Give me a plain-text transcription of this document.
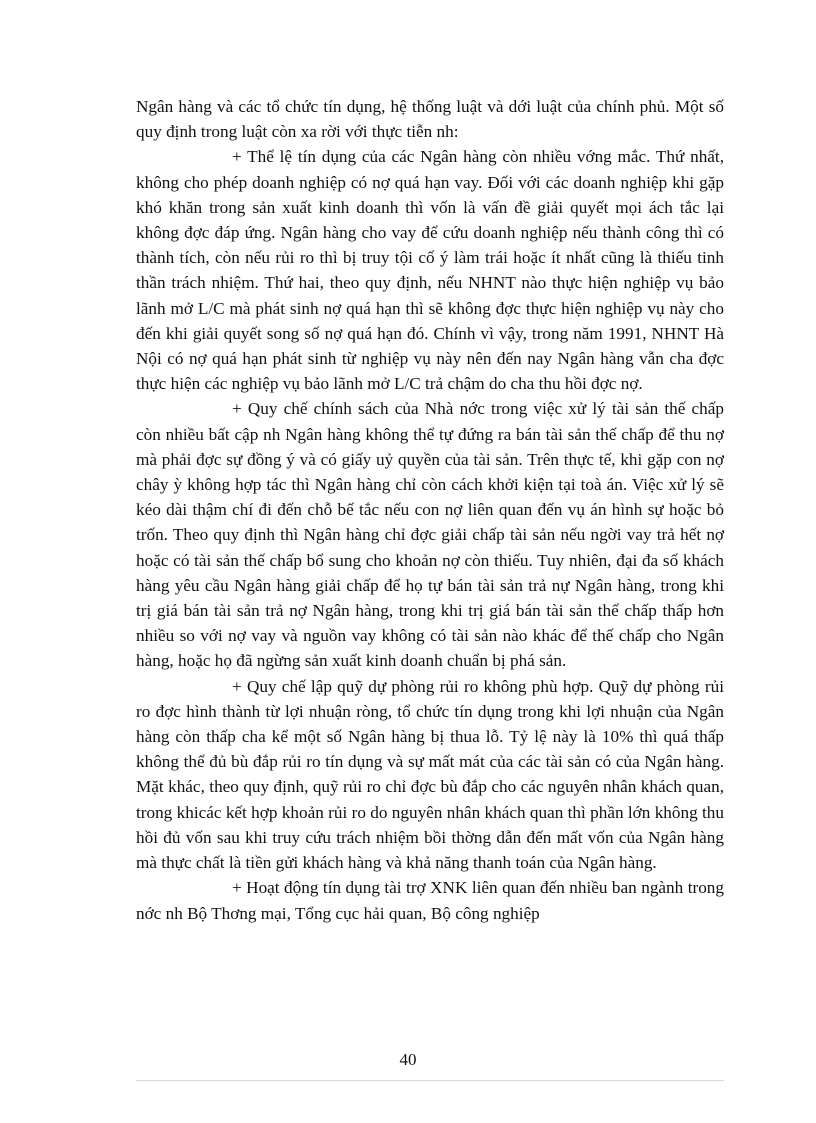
Ngân hàng và các tổ chức tín dụng, hệ thống luật và dới luật của chính phủ. Một số quy định trong luật còn xa rời với thực tiễn nh:

+ Thể lệ tín dụng của các Ngân hàng còn nhiều vớng mắc. Thứ nhất, không cho phép doanh nghiệp có nợ quá hạn vay. Đối với các doanh nghiệp khi gặp khó khăn trong sản xuất kinh doanh thì vốn là vấn đề giải quyết mọi ách tắc lại không đợc đáp ứng. Ngân hàng cho vay để cứu doanh nghiệp nếu thành công thì có thành tích, còn nếu rủi ro thì bị truy tội cố ý làm trái hoặc ít nhất cũng là thiếu tinh thần trách nhiệm. Thứ hai, theo quy định, nếu NHNT nào thực hiện nghiệp vụ bảo lãnh mở L/C mà phát sinh nợ quá hạn thì sẽ không đợc thực hiện nghiệp vụ này cho đến khi giải quyết song số nợ quá hạn đó. Chính vì vậy, trong năm 1991, NHNT Hà Nội có nợ quá hạn phát sinh từ nghiệp vụ này nên đến nay Ngân hàng vẫn cha đợc thực hiện các nghiệp vụ bảo lãnh mở L/C trả chậm do cha thu hồi đợc nợ.

+ Quy chế chính sách của Nhà nớc trong việc xử lý tài sản thế chấp còn nhiều bất cập nh Ngân hàng không thể tự đứng ra bán tài sản thế chấp để thu nợ mà phải đợc sự đồng ý và có giấy uỷ quyền của tài sản. Trên thực tế, khi gặp con nợ chây ỳ không hợp tác thì Ngân hàng chỉ còn cách khởi kiện tại toà án. Việc xử lý sẽ kéo dài thậm chí đi đến chỗ bế tắc nếu con nợ liên quan đến vụ án hình sự hoặc bỏ trốn. Theo quy định thì Ngân hàng chỉ đợc giải chấp tài sản nếu ngời vay trả hết nợ hoặc có tài sản thế chấp bổ sung cho khoản nợ còn thiếu. Tuy nhiên, đại đa số khách hàng yêu cầu Ngân hàng giải chấp để họ tự bán tài sản trả nự Ngân hàng, trong khi trị giá bán tài sản trả nợ Ngân hàng, trong khi trị giá bán tài sản thế chấp thấp hơn nhiều so với nợ vay và nguồn vay không có tài sản nào khác để thế chấp cho Ngân hàng, hoặc họ đã ngừng sản xuất kinh doanh chuẩn bị phá sản.

+ Quy chế lập quỹ dự phòng rủi ro không phù hợp. Quỹ dự phòng rủi ro đợc hình thành từ lợi nhuận ròng, tổ chức tín dụng trong khi lợi nhuận của Ngân hàng còn thấp cha kể một số Ngân hàng bị thua lỗ. Tỷ lệ này là 10% thì quá thấp không thể đủ bù đắp rủi ro tín dụng và sự mất mát của các tài sản có của Ngân hàng. Mặt khác, theo quy định, quỹ rủi ro chỉ đợc bù đắp cho các nguyên nhân khách quan, trong khicác kết hợp khoản rủi ro do nguyên nhân khách quan thì phần lớn không thu hồi đủ vốn sau khi truy cứu trách nhiệm bồi thờng dẫn đến mất vốn của Ngân hàng mà thực chất là tiền gửi khách hàng và khả năng thanh toán của Ngân hàng.

+ Hoạt động tín dụng tài trợ XNK liên quan đến nhiều ban ngành trong nớc nh Bộ Thơng mại, Tổng cục hải quan, Bộ công nghiệp

40
